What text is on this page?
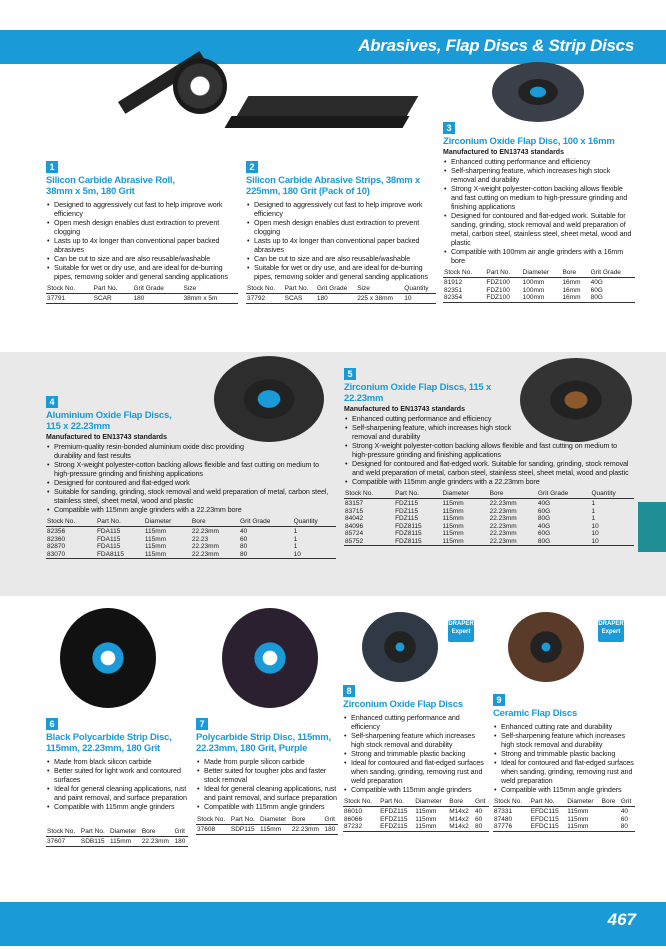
Abrasives, Flap Discs & Strip Discs
467
DRAPER
Expert
DRAPER
Expert
1
Silicon Carbide Abrasive Roll, 38mm x 5m, 180 Grit
• Designed to aggressively cut fast to help improve work efficiency
• Open mesh design enables dust extraction to prevent clogging
• Lasts up to 4x longer than conventional paper backed abrasives
• Can be cut to size and are also reusable/washable
• Suitable for wet or dry use, and are ideal for de-burring pipes, removing solder and general sanding applications
Stock No.	Part No.	Grit Grade	Size
37791	SCAR	180	38mm x 5m
2
Silicon Carbide Abrasive Strips, 38mm x 225mm, 180 Grit (Pack of 10)
• Designed to aggressively cut fast to help improve work efficiency
• Open mesh design enables dust extraction to prevent clogging
• Lasts up to 4x longer than conventional paper backed abrasives
• Can be cut to size and are also reusable/washable
• Suitable for wet or dry use, and are ideal for de-burring pipes, removing solder and general sanding applications
Stock No.	Part No.	Grit Grade	Size	Quantity
37792	SCAS	180	225 x 38mm	10
3
Zirconium Oxide Flap Disc, 100 x 16mm
Manufactured to EN13743 standards
• Enhanced cutting performance and efficiency
• Self-sharpening feature, which increases high stock removal and durability
• Strong X-weight polyester-cotton backing allows flexible and fast cutting on medium to high-pressure grinding and finishing applications
• Designed for contoured and flat-edged work. Suitable for sanding, grinding, stock removal and weld preparation of metal, carbon steel, stainless steel, sheet metal, wood and plastic
• Compatible with 100mm air angle grinders with a 16mm bore
Stock No.	Part No.	Diameter	Bore	Grit Grade
81912	FDZ100	100mm	16mm	40G
82351	FDZ100	100mm	16mm	60G
82354	FDZ100	100mm	16mm	80G
4
Aluminium Oxide Flap Discs, 115 x 22.23mm
Manufactured to EN13743 standards
• Premium-quality resin-bonded aluminium oxide disc providing durability and fast results
• Strong X-weight polyester-cotton backing allows flexible and fast cutting on medium to high-pressure grinding and finishing applications
• Designed for contoured and flat-edged work
• Suitable for sanding, grinding, stock removal and weld preparation of metal, carbon steel, stainless steel, sheet metal, wood and plastic
• Compatible with 115mm angle grinders with a 22.23mm bore
Stock No.	Part No.	Diameter	Bore	Grit Grade	Quantity
82356	FDA115	115mm	22.23mm	40	1
82360	FDA115	115mm	22.23	60	1
82870	FDA115	115mm	22.23mm	80	1
83070	FDA8115	115mm	22.23mm	80	10
5
Zirconium Oxide Flap Discs, 115 x 22.23mm
Manufactured to EN13743 standards
• Enhanced cutting performance and efficiency
• Self-sharpening feature, which increases high stock removal and durability
• Strong X-weight polyester-cotton backing allows flexible and fast cutting on medium to high-pressure grinding and finishing applications
• Designed for contoured and flat-edged work. Suitable for sanding, grinding, stock removal and weld preparation of metal, carbon steel, stainless steel, sheet metal, wood and plastic
• Compatible with 115mm angle grinders with a 22.23mm bore
Stock No.	Part No.	Diameter	Bore	Grit Grade	Quantity
83157	FDZ115	115mm	22.23mm	40G	1
83715	FDZ115	115mm	22.23mm	60G	1
84042	FDZ115	115mm	22.23mm	80G	1
84096	FDZ8115	115mm	22.23mm	40G	10
85724	FDZ8115	115mm	22.23mm	60G	10
85752	FDZ8115	115mm	22.23mm	80G	10
6
Black Polycarbide Strip Disc, 115mm, 22.23mm, 180 Grit
• Made from black silicon carbide
• Better suited for light work and contoured surfaces
• Ideal for general cleaning applications, rust and paint removal, and surface preparation
• Compatible with 115mm angle grinders
Stock No.	Part No.	Diameter	Bore	Grit
37607	SDB115	115mm	22.23mm	180
7
Polycarbide Strip Disc, 115mm, 22.23mm, 180 Grit, Purple
• Made from purple silicon carbide
• Better suited for tougher jobs and faster stock removal
• Ideal for general cleaning applications, rust and paint removal, and surface preparation
• Compatible with 115mm angle grinders
Stock No.	Part No.	Diameter	Bore	Grit
37608	SDP115	115mm	22.23mm	180
8
Zirconium Oxide Flap Discs
• Enhanced cutting performance and efficiency
• Self-sharpening feature which increases high stock removal and durability
• Strong and trimmable plastic backing
• Ideal for contoured and flat-edged surfaces when sanding, grinding, removing rust and weld preparation
• Compatible with 115mm angle grinders
Stock No.	Part No.	Diameter	Bore	Grit
86010	EFDZ115	115mm	M14x2	40
86066	EFDZ115	115mm	M14x2	60
87232	EFDZ115	115mm	M14x2	80
9
Ceramic Flap Discs
• Enhanced cutting rate and durability
• Self-sharpening feature which increases high stock removal and durability
• Strong and trimmable plastic backing
• Ideal for contoured and flat-edged surfaces when sanding, grinding, removing rust and weld preparation
• Compatible with 115mm angle grinders
Stock No.	Part No.	Diameter	Bore	Grit
87331	EFDC115	115mm		40
87480	EFDC115	115mm		60
87776	EFDC115	115mm		80
